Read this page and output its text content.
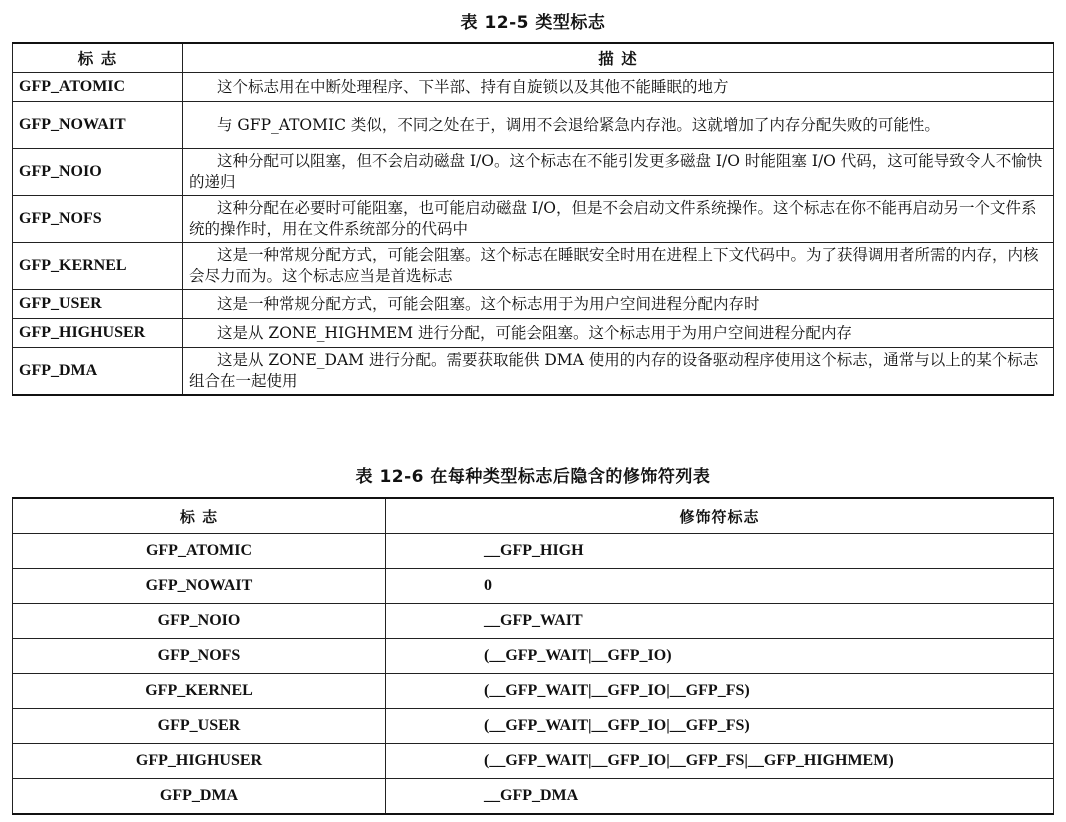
表 12-5 类型标志
标 志	描 述
GFP_ATOMIC	这个标志用在中断处理程序、下半部、持有自旋锁以及其他不能睡眠的地方
GFP_NOWAIT	与 GFP_ATOMIC 类似，不同之处在于，调用不会退给紧急内存池。这就增加了内存分配失败的可能性。
GFP_NOIO	这种分配可以阻塞，但不会启动磁盘 I/O。这个标志在不能引发更多磁盘 I/O 时能阻塞 I/O 代码，这可能导致令人不愉快的递归
GFP_NOFS	这种分配在必要时可能阻塞，也可能启动磁盘 I/O，但是不会启动文件系统操作。这个标志在你不能再启动另一个文件系统的操作时，用在文件系统部分的代码中
GFP_KERNEL	这是一种常规分配方式，可能会阻塞。这个标志在睡眠安全时用在进程上下文代码中。为了获得调用者所需的内存，内核会尽力而为。这个标志应当是首选标志
GFP_USER	这是一种常规分配方式，可能会阻塞。这个标志用于为用户空间进程分配内存时
GFP_HIGHUSER	这是从 ZONE_HIGHMEM 进行分配，可能会阻塞。这个标志用于为用户空间进程分配内存
GFP_DMA	这是从 ZONE_DAM 进行分配。需要获取能供 DMA 使用的内存的设备驱动程序使用这个标志，通常与以上的某个标志组合在一起使用
表 12-6 在每种类型标志后隐含的修饰符列表
标 志	修饰符标志
GFP_ATOMIC	__GFP_HIGH
GFP_NOWAIT	0
GFP_NOIO	__GFP_WAIT
GFP_NOFS	(__GFP_WAIT|__GFP_IO)
GFP_KERNEL	(__GFP_WAIT|__GFP_IO|__GFP_FS)
GFP_USER	(__GFP_WAIT|__GFP_IO|__GFP_FS)
GFP_HIGHUSER	(__GFP_WAIT|__GFP_IO|__GFP_FS|__GFP_HIGHMEM)
GFP_DMA	__GFP_DMA
